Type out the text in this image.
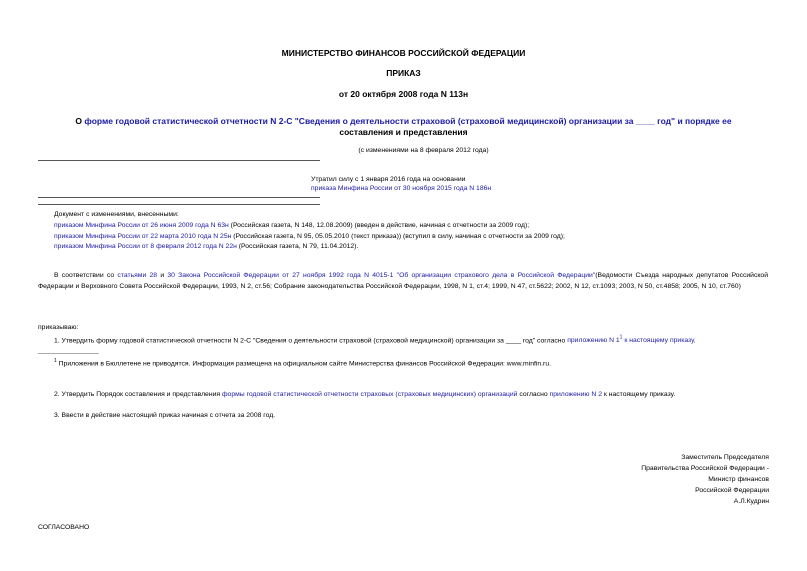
МИНИСТЕРСТВО ФИНАНСОВ РОССИЙСКОЙ ФЕДЕРАЦИИ
ПРИКАЗ
от 20 октября 2008 года N 113н
О форме годовой статистической отчетности N 2-С "Сведения о деятельности страховой (страховой медицинской) организации за ____ год" и порядке ее
составления и представления
(с изменениями на 8 февраля 2012 года)
Утратил силу с 1 января 2016 года на основании
приказа Минфина России от 30 ноября 2015 года N 186н
Документ с изменениями, внесенными:
приказом Минфина России от 26 июня 2009 года N 63н (Российская газета, N 148, 12.08.2009) (введен в действие, начиная с отчетности за 2009 год);
приказом Минфина России от 22 марта 2010 года N 25н (Российская газета, N 95, 05.05.2010 (текст приказа)) (вступил в силу, начиная с отчетности за 2009 год);
приказом Минфина России от 8 февраля 2012 года N 22н (Российская газета, N 79, 11.04.2012).
В соответствии со статьями 28 и 30 Закона Российской Федерации от 27 ноября 1992 года N 4015-1 "Об организации страхового дела в Российской Федерации"(Ведомости Съезда народных депутатов Российской Федерации и Верховного Совета Российской Федерации, 1993, N 2, ст.56; Собрание законодательства Российской Федерации, 1998, N 1, ст.4; 1999, N 47, ст.5622; 2002, N 12, ст.1093; 2003, N 50, ст.4858; 2005, N 10, ст.760)
приказываю:
1. Утвердить форму годовой статистической отчетности N 2-С "Сведения о деятельности страховой (страховой медицинской) организации за ____ год" согласно приложению N $1^1$ к настоящему приказу.
________________
$^1$ Приложения в Бюллетене не приводятся. Информация размещена на официальном сайте Министерства финансов Российской Федерации: www.minfin.ru.
2. Утвердить Порядок составления и представления формы годовой статистической отчетности страховых (страховых медицинских) организаций согласно приложению N 2 к настоящему приказу.
3. Ввести в действие настоящий приказ начиная с отчета за 2008 год.
Заместитель Председателя
Правительства Российской Федерации -
Министр финансов
Российской Федерации
А.Л.Кудрин
СОГЛАСОВАНО
